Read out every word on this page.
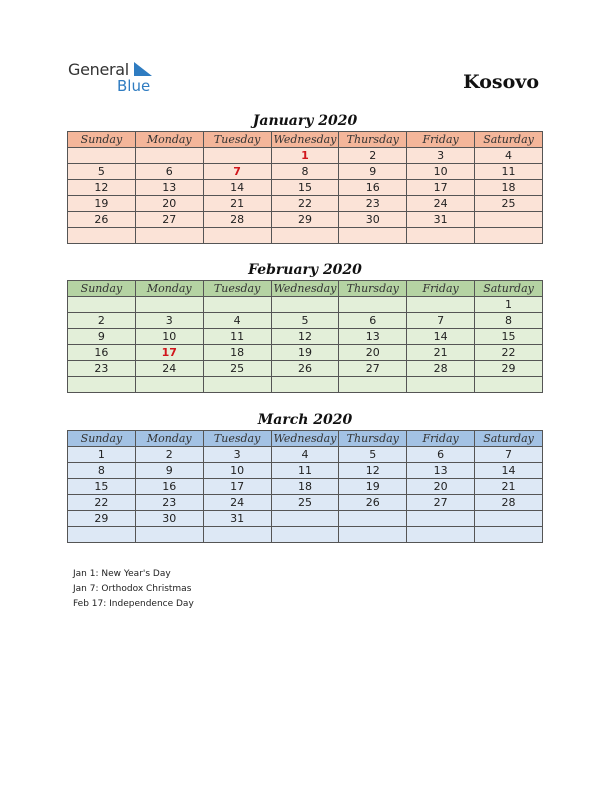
General
Blue	Kosovo
January 2020
Sunday	Monday	Tuesday	Wednesday	Thursday	Friday	Saturday
			1	2	3	4
5	6	7	8	9	10	11
12	13	14	15	16	17	18
19	20	21	22	23	24	25
26	27	28	29	30	31	

February 2020
Sunday	Monday	Tuesday	Wednesday	Thursday	Friday	Saturday
						1
2	3	4	5	6	7	8
9	10	11	12	13	14	15
16	17	18	19	20	21	22
23	24	25	26	27	28	29

March 2020
Sunday	Monday	Tuesday	Wednesday	Thursday	Friday	Saturday
1	2	3	4	5	6	7
8	9	10	11	12	13	14
15	16	17	18	19	20	21
22	23	24	25	26	27	28
29	30	31				

Jan 1: New Year's Day
Jan 7: Orthodox Christmas
Feb 17: Independence Day
